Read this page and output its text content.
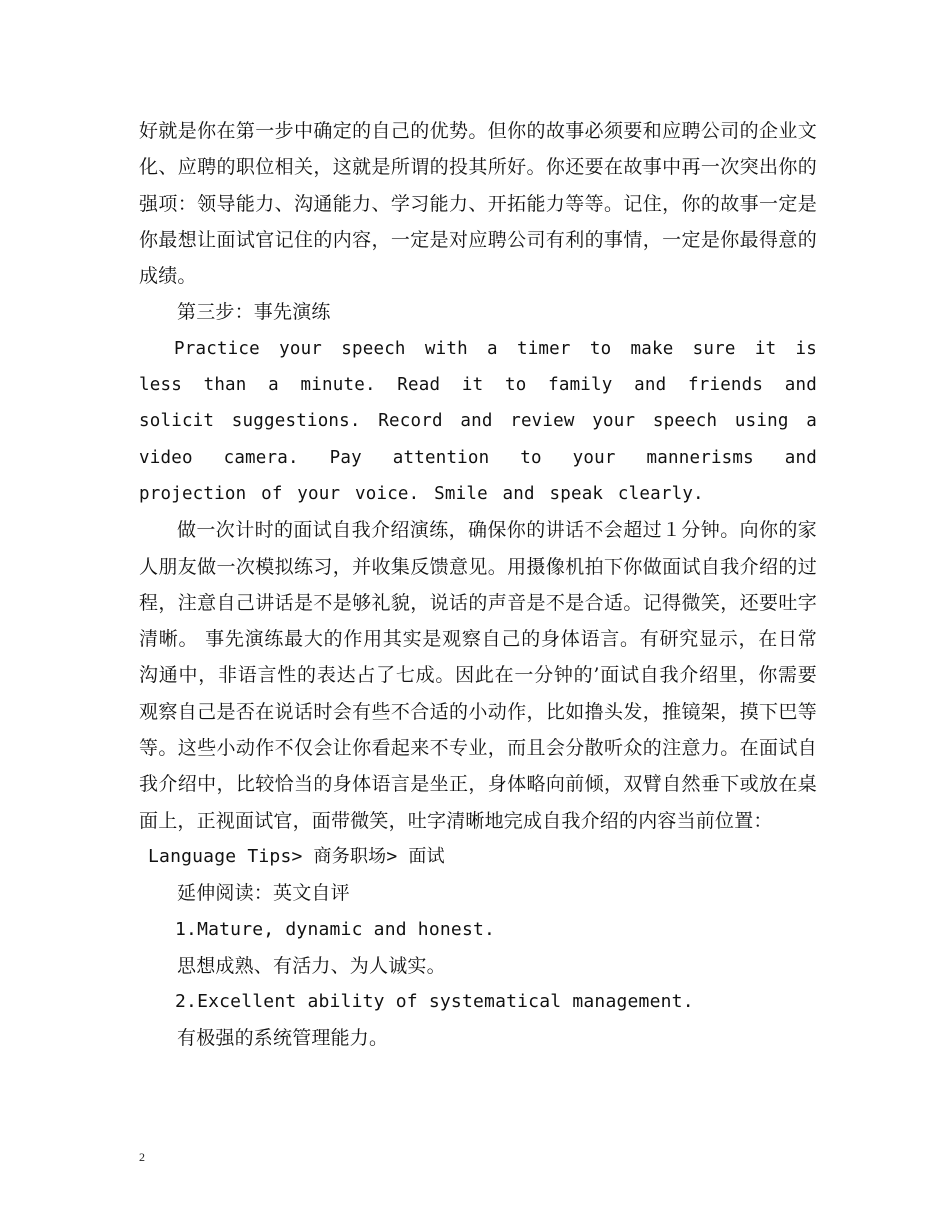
好就是你在第一步中确定的自己的优势。但你的故事必须要和应聘公司的企业文化、应聘的职位相关，这就是所谓的投其所好。你还要在故事中再一次突出你的强项：领导能力、沟通能力、学习能力、开拓能力等等。记住，你的故事一定是你最想让面试官记住的内容，一定是对应聘公司有利的事情，一定是你最得意的成绩。

第三步：事先演练

Practice your speech with a timer to make sure it is less than a minute. Read it to family and friends and solicit suggestions. Record and review your speech using a video camera. Pay attention to your mannerisms and projection of your voice. Smile and speak clearly.

做一次计时的面试自我介绍演练，确保你的讲话不会超过１分钟。向你的家人朋友做一次模拟练习，并收集反馈意见。用摄像机拍下你做面试自我介绍的过程，注意自己讲话是不是够礼貌，说话的声音是不是合适。记得微笑，还要吐字清晰。 事先演练最大的作用其实是观察自己的身体语言。有研究显示，在日常沟通中，非语言性的表达占了七成。因此在一分钟的’面试自我介绍里，你需要观察自己是否在说话时会有些不合适的小动作，比如撸头发，推镜架，摸下巴等等。这些小动作不仅会让你看起来不专业，而且会分散听众的注意力。在面试自我介绍中，比较恰当的身体语言是坐正，身体略向前倾，双臂自然垂下或放在桌面上，正视面试官，面带微笑，吐字清晰地完成自我介绍的内容当前位置：

Language Tips> 商务职场> 面试

延伸阅读：英文自评

1.Mature, dynamic and honest.

思想成熟、有活力、为人诚实。

2.Excellent ability of systematical management.

有极强的系统管理能力。

2
